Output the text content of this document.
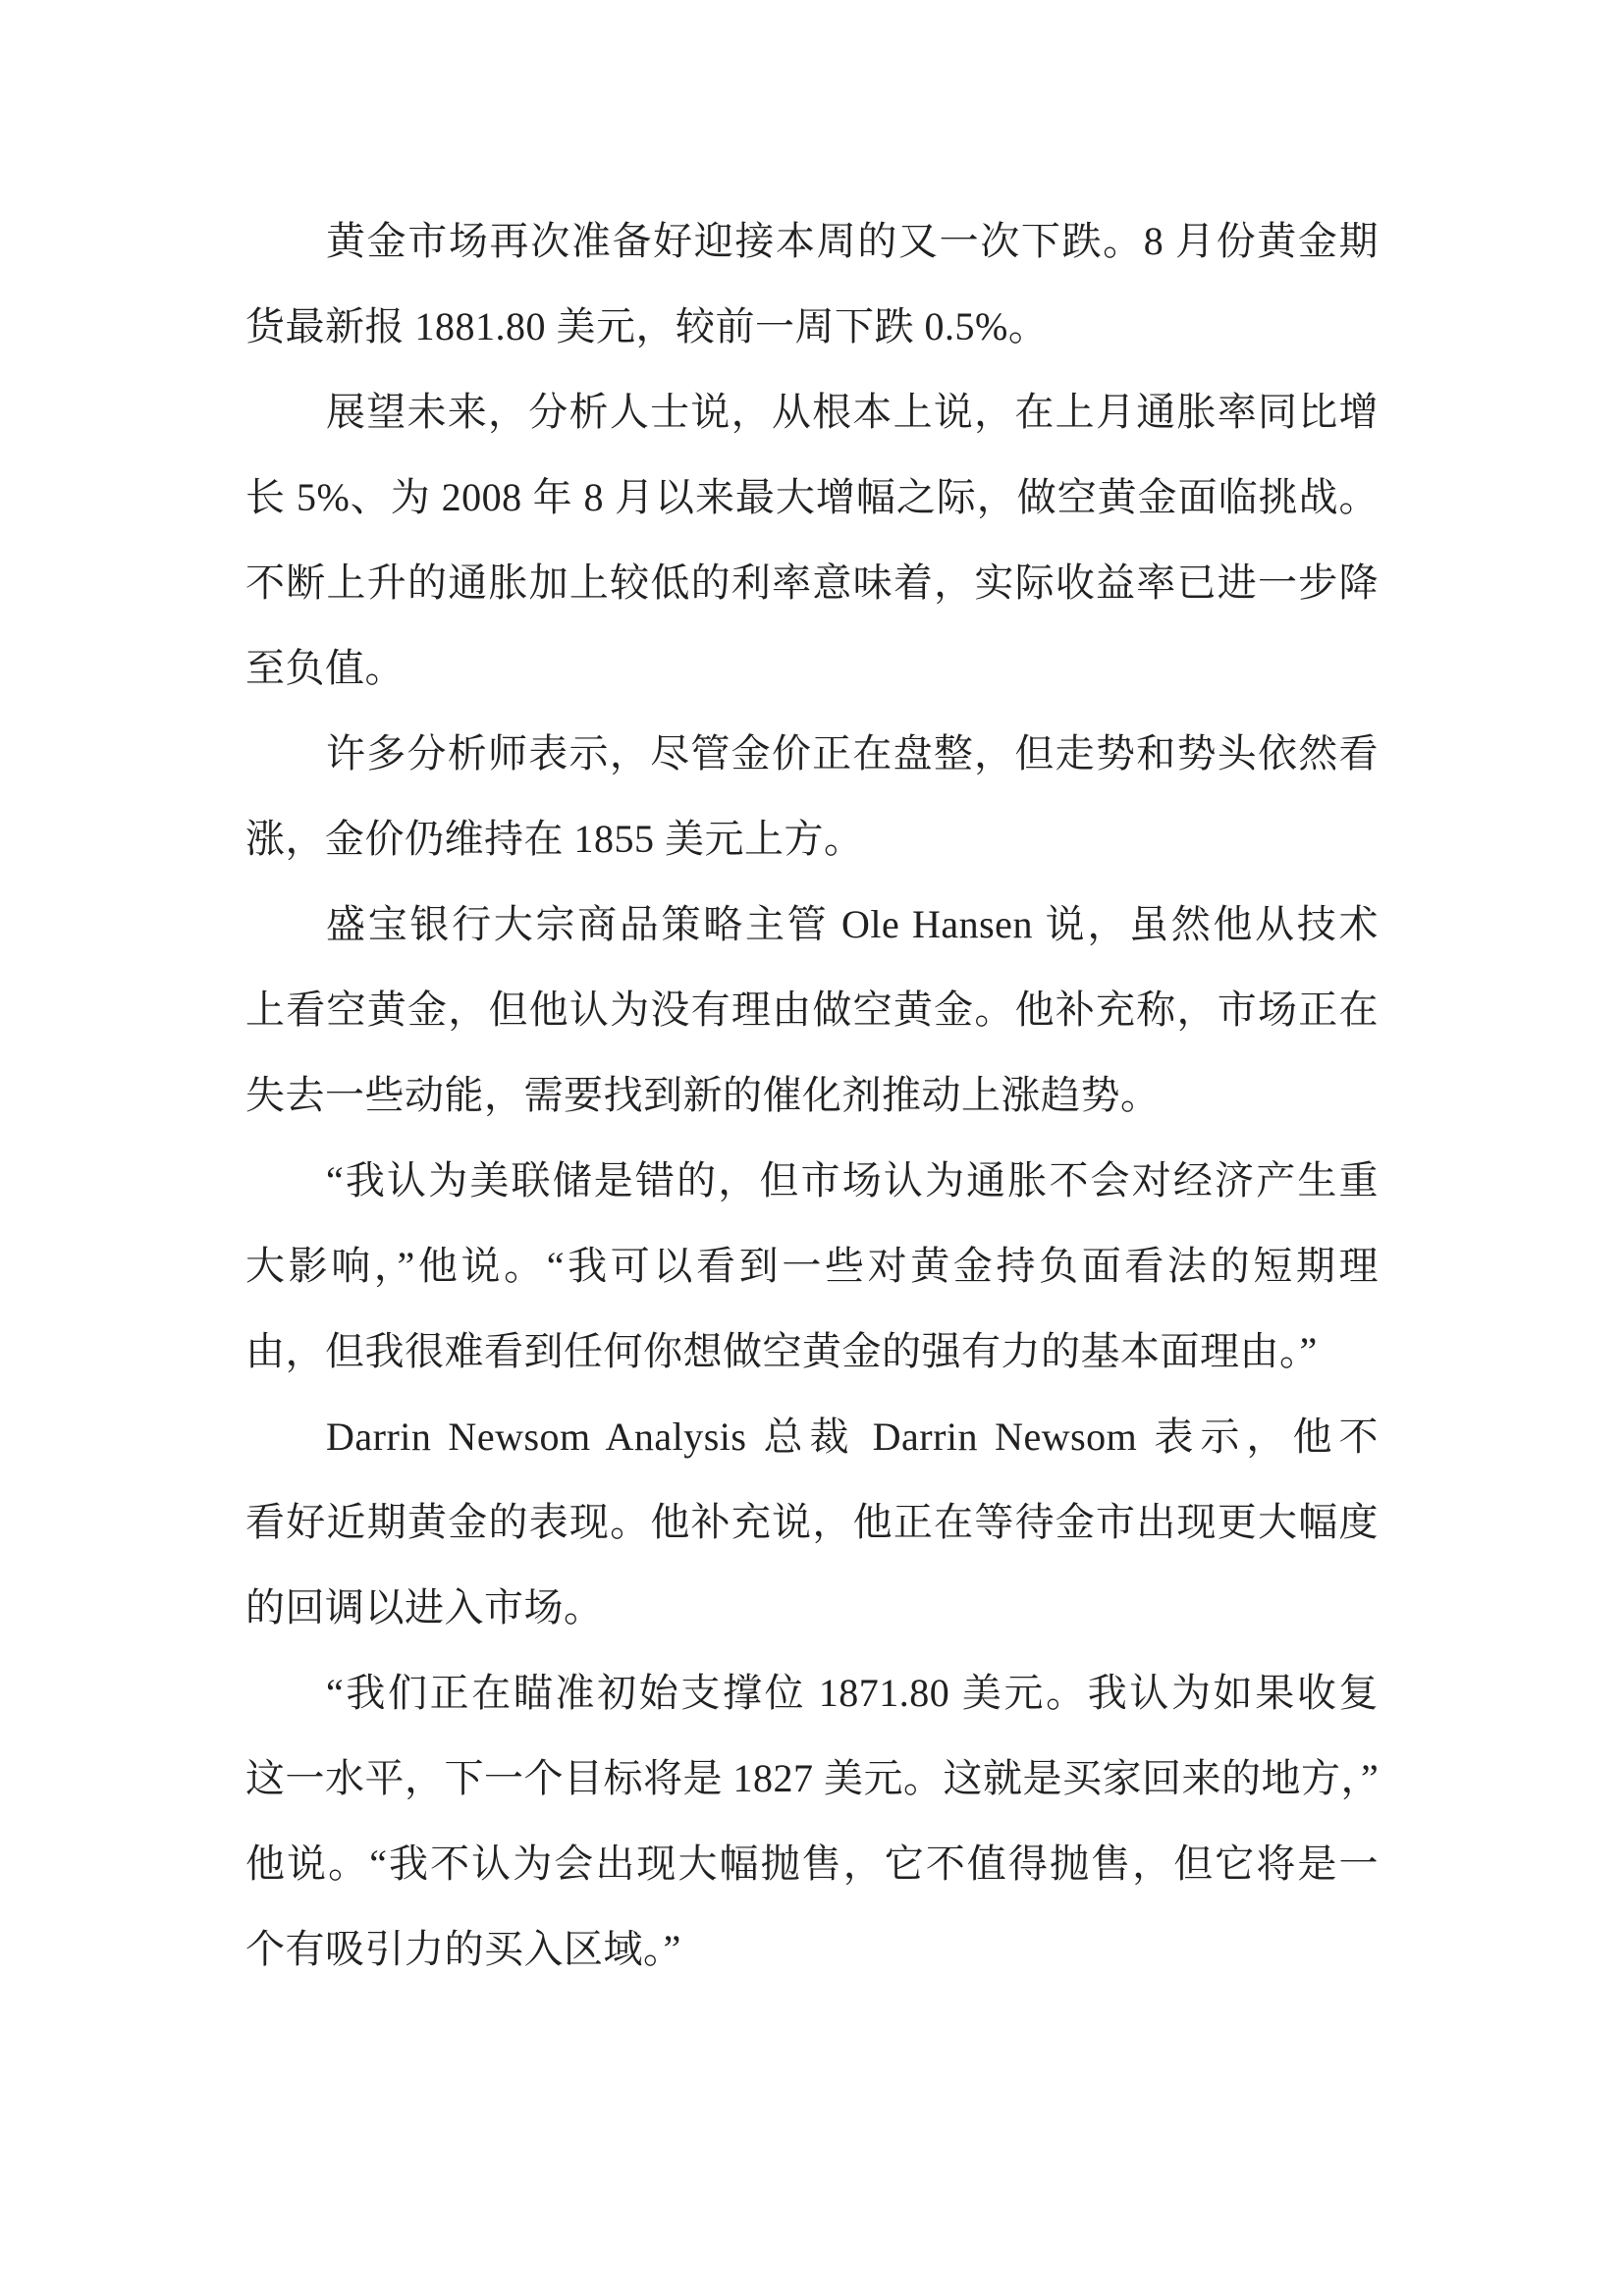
黄金市场再次准备好迎接本周的又一次下跌。8 月份黄金期
货最新报 1881.80 美元，较前一周下跌 0.5%。
展望未来，分析人士说，从根本上说，在上月通胀率同比增
长 5%、为 2008 年 8 月以来最大增幅之际，做空黄金面临挑战。
不断上升的通胀加上较低的利率意味着，实际收益率已进一步降
至负值。
许多分析师表示，尽管金价正在盘整，但走势和势头依然看
涨，金价仍维持在 1855 美元上方。
盛宝银行大宗商品策略主管 Ole Hansen 说，虽然他从技术
上看空黄金，但他认为没有理由做空黄金。他补充称，市场正在
失去一些动能，需要找到新的催化剂推动上涨趋势。
“我认为美联储是错的，但市场认为通胀不会对经济产生重
大影响，”他说。“我可以看到一些对黄金持负面看法的短期理
由，但我很难看到任何你想做空黄金的强有力的基本面理由。”
Darrin Newsom Analysis 总裁 Darrin Newsom 表示，他不
看好近期黄金的表现。他补充说，他正在等待金市出现更大幅度
的回调以进入市场。
“我们正在瞄准初始支撑位 1871.80 美元。我认为如果收复
这一水平，下一个目标将是 1827 美元。这就是买家回来的地方，”
他说。“我不认为会出现大幅抛售，它不值得抛售，但它将是一
个有吸引力的买入区域。”
